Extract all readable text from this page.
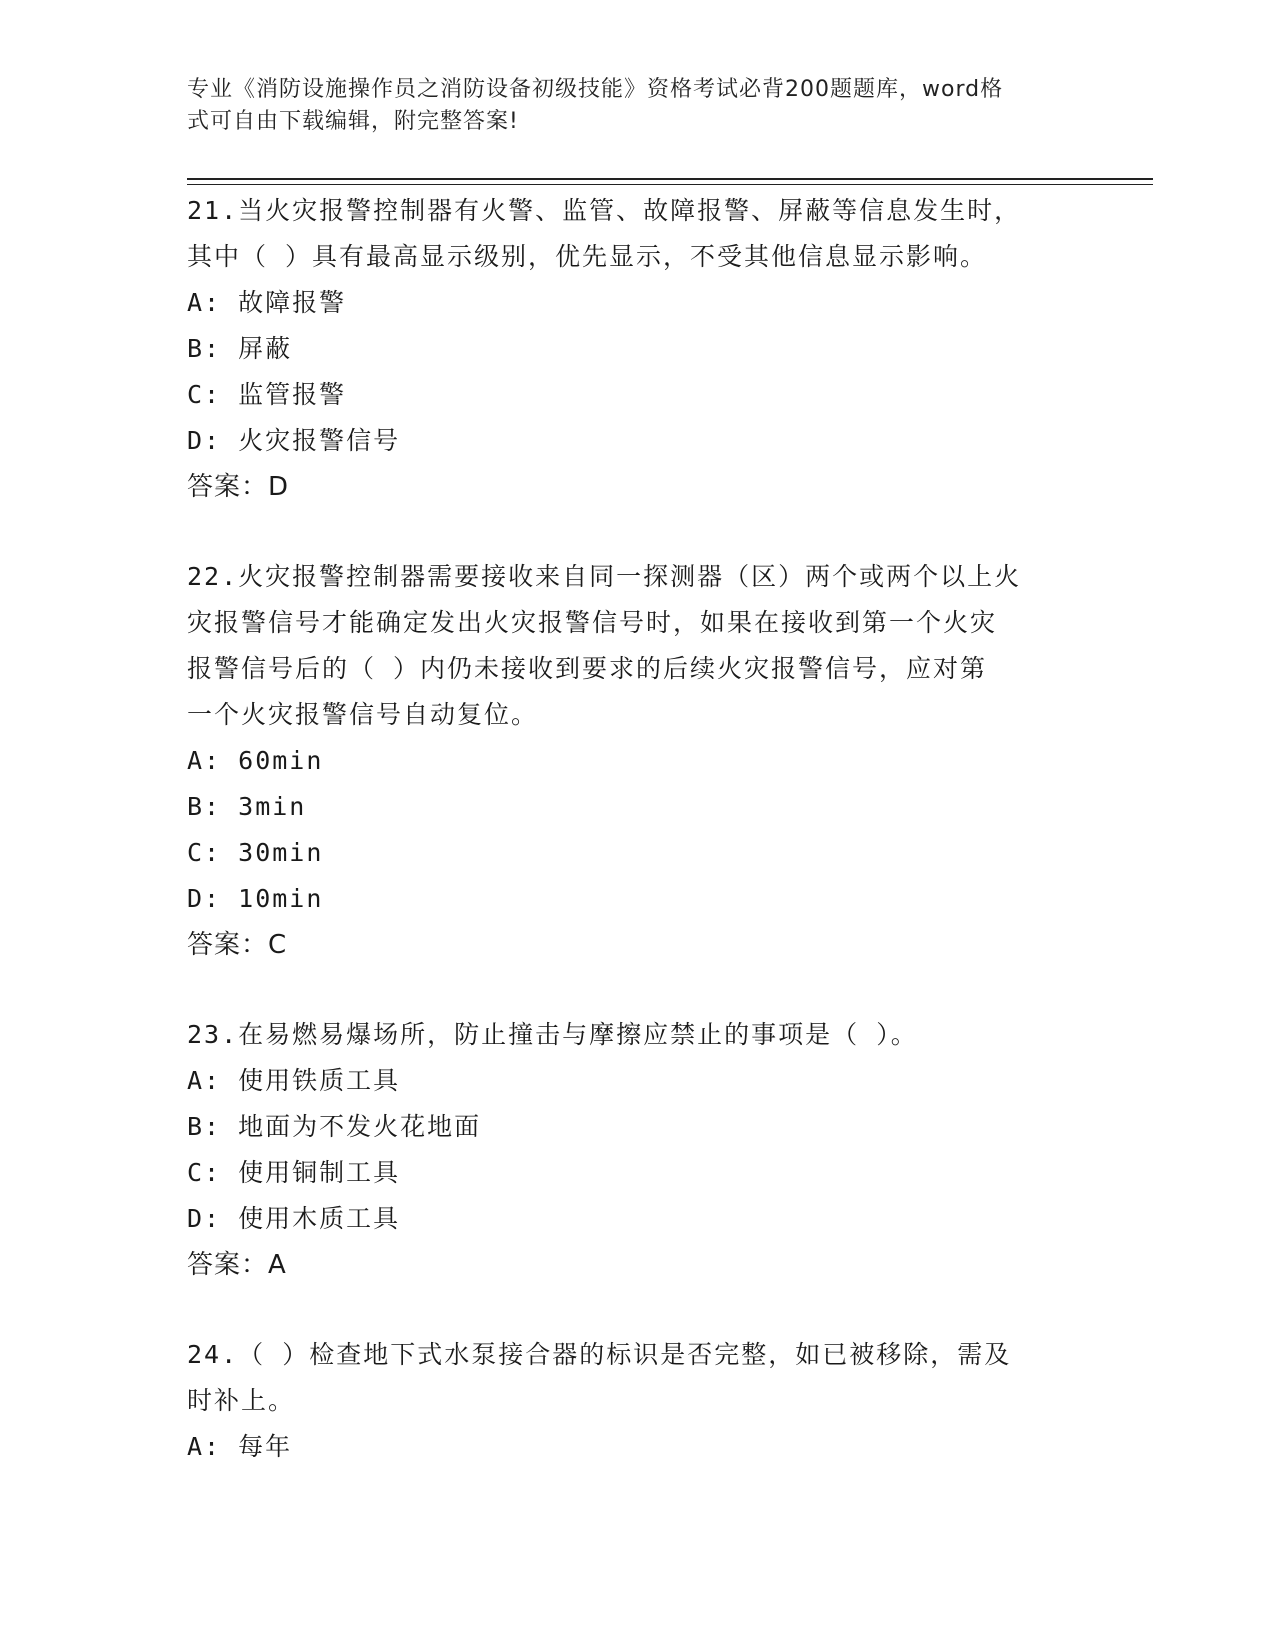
专业《消防设施操作员之消防设备初级技能》资格考试必背200题题库，word格
式可自由下载编辑，附完整答案!

21.当火灾报警控制器有火警、监管、故障报警、屏蔽等信息发生时，

其中（ ）具有最高显示级别，优先显示，不受其他信息显示影响。

A: 故障报警

B: 屏蔽

C: 监管报警

D: 火灾报警信号

答案：D

22.火灾报警控制器需要接收来自同一探测器（区）两个或两个以上火

灾报警信号才能确定发出火灾报警信号时，如果在接收到第一个火灾

报警信号后的（ ）内仍未接收到要求的后续火灾报警信号，应对第

一个火灾报警信号自动复位。

A: 60min

B: 3min

C: 30min

D: 10min

答案：C

23.在易燃易爆场所，防止撞击与摩擦应禁止的事项是（ ）。

A: 使用铁质工具

B: 地面为不发火花地面

C: 使用铜制工具

D: 使用木质工具

答案：A

24.（ ）检查地下式水泵接合器的标识是否完整，如已被移除，需及

时补上。

A: 每年
